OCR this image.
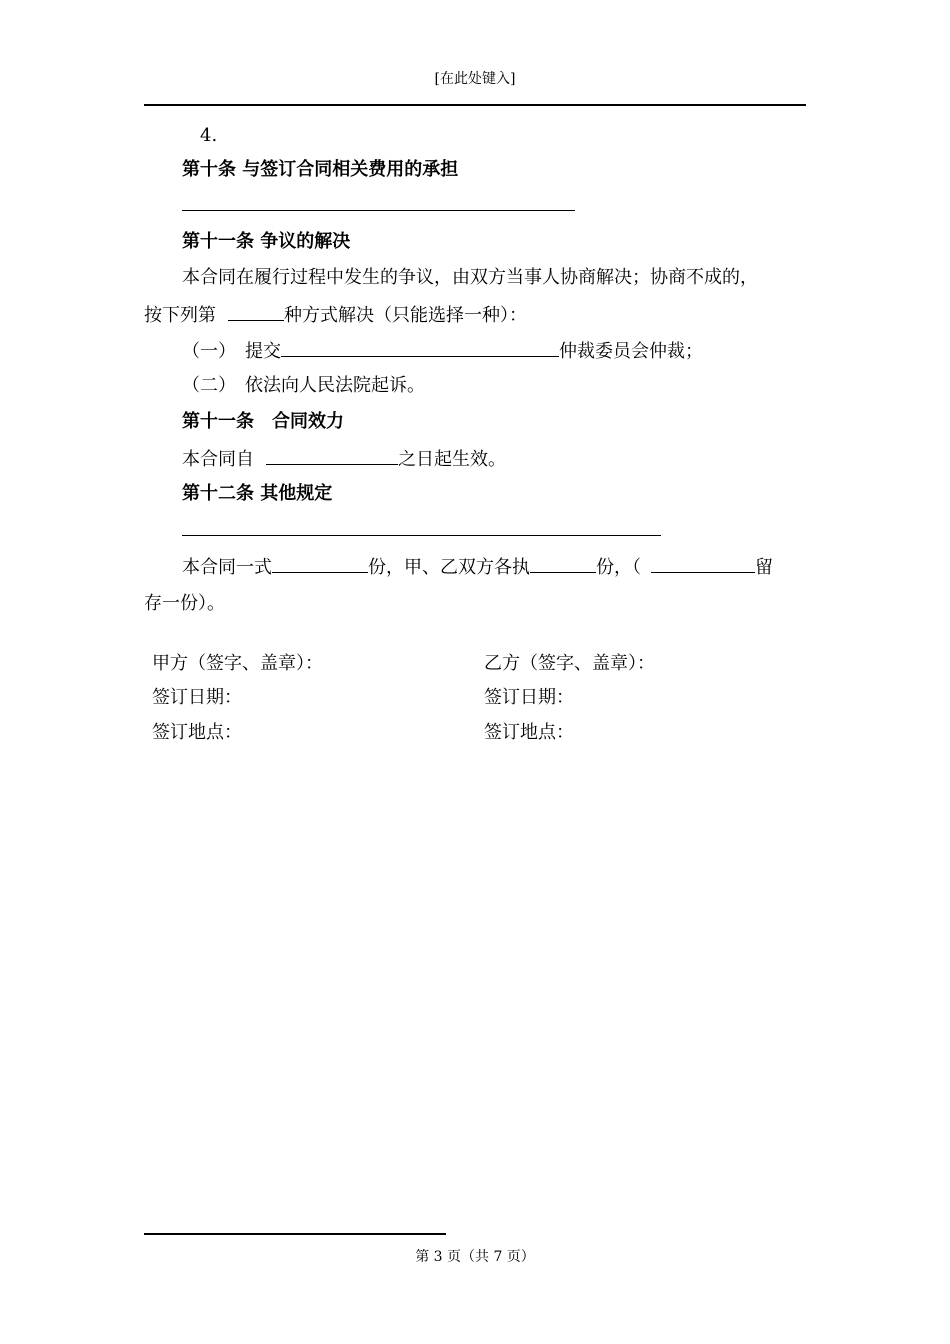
[在此处键入]
4.
第十条 与签订合同相关费用的承担
第十一条 争议的解决
本合同在履行过程中发生的争议，由双方当事人协商解决；协商不成的，
按下列第	种方式解决（只能选择一种）：
（一）　提交	仲裁委员会仲裁；
（二）　依法向人民法院起诉。
第十一条　合同效力
本合同自	之日起生效。
第十二条 其他规定
本合同一式	份，甲、乙双方各执	份，（	留
存一份）。
甲方（签字、盖章）：	乙方（签字、盖章）：
签订日期：	签订日期：
签订地点：	签订地点：
第 3 页（共 7 页）
